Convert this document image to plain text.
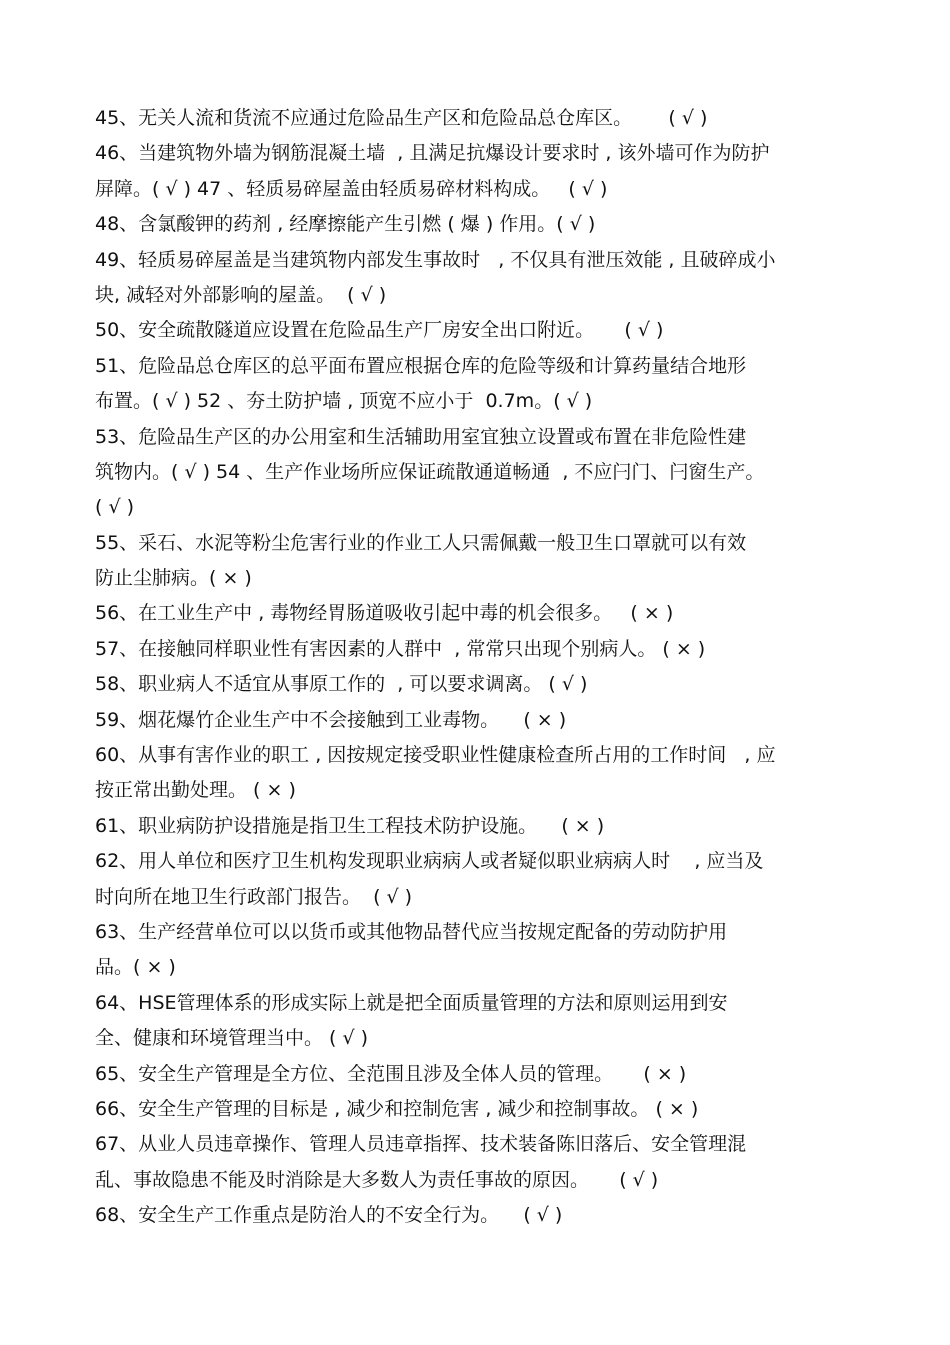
45、无关人流和货流不应通过危险品生产区和危险品总仓库区。      ( √ )
46、当建筑物外墙为钢筋混凝土墙  , 且满足抗爆设计要求时 , 该外墙可作为防护
屏障。( √ ) 47 、轻质易碎屋盖由轻质易碎材料构成。   ( √ )
48、含氯酸钾的药剂 , 经摩擦能产生引燃 ( 爆 ) 作用。( √ )
49、轻质易碎屋盖是当建筑物内部发生事故时   , 不仅具有泄压效能 , 且破碎成小
块, 减轻对外部影响的屋盖。  ( √ )
50、安全疏散隧道应设置在危险品生产厂房安全出口附近。     ( √ )
51、危险品总仓库区的总平面布置应根据仓库的危险等级和计算药量结合地形
布置。( √ ) 52 、夯土防护墙 , 顶宽不应小于  0.7m。( √ )
53、危险品生产区的办公用室和生活辅助用室宜独立设置或布置在非危险性建
筑物内。( √ ) 54 、生产作业场所应保证疏散通道畅通  , 不应闩门、闩窗生产。
( √ )
55、采石、水泥等粉尘危害行业的作业工人只需佩戴一般卫生口罩就可以有效
防止尘肺病。( × )
56、在工业生产中 , 毒物经胃肠道吸收引起中毒的机会很多。   ( × )
57、在接触同样职业性有害因素的人群中  , 常常只出现个别病人。 ( × )
58、职业病人不适宜从事原工作的  , 可以要求调离。 ( √ )
59、烟花爆竹企业生产中不会接触到工业毒物。    ( × )
60、从事有害作业的职工 , 因按规定接受职业性健康检查所占用的工作时间   , 应
按正常出勤处理。 ( × )
61、职业病防护设措施是指卫生工程技术防护设施。    ( × )
62、用人单位和医疗卫生机构发现职业病病人或者疑似职业病病人时    , 应当及
时向所在地卫生行政部门报告。  ( √ )
63、生产经营单位可以以货币或其他物品替代应当按规定配备的劳动防护用
品。( × )
64、HSE管理体系的形成实际上就是把全面质量管理的方法和原则运用到安
全、健康和环境管理当中。 ( √ )
65、安全生产管理是全方位、全范围且涉及全体人员的管理。     ( × )
66、安全生产管理的目标是 , 减少和控制危害 , 减少和控制事故。 ( × )
67、从业人员违章操作、管理人员违章指挥、技术装备陈旧落后、安全管理混
乱、事故隐患不能及时消除是大多数人为责任事故的原因。     ( √ )
68、安全生产工作重点是防治人的不安全行为。    ( √ )
